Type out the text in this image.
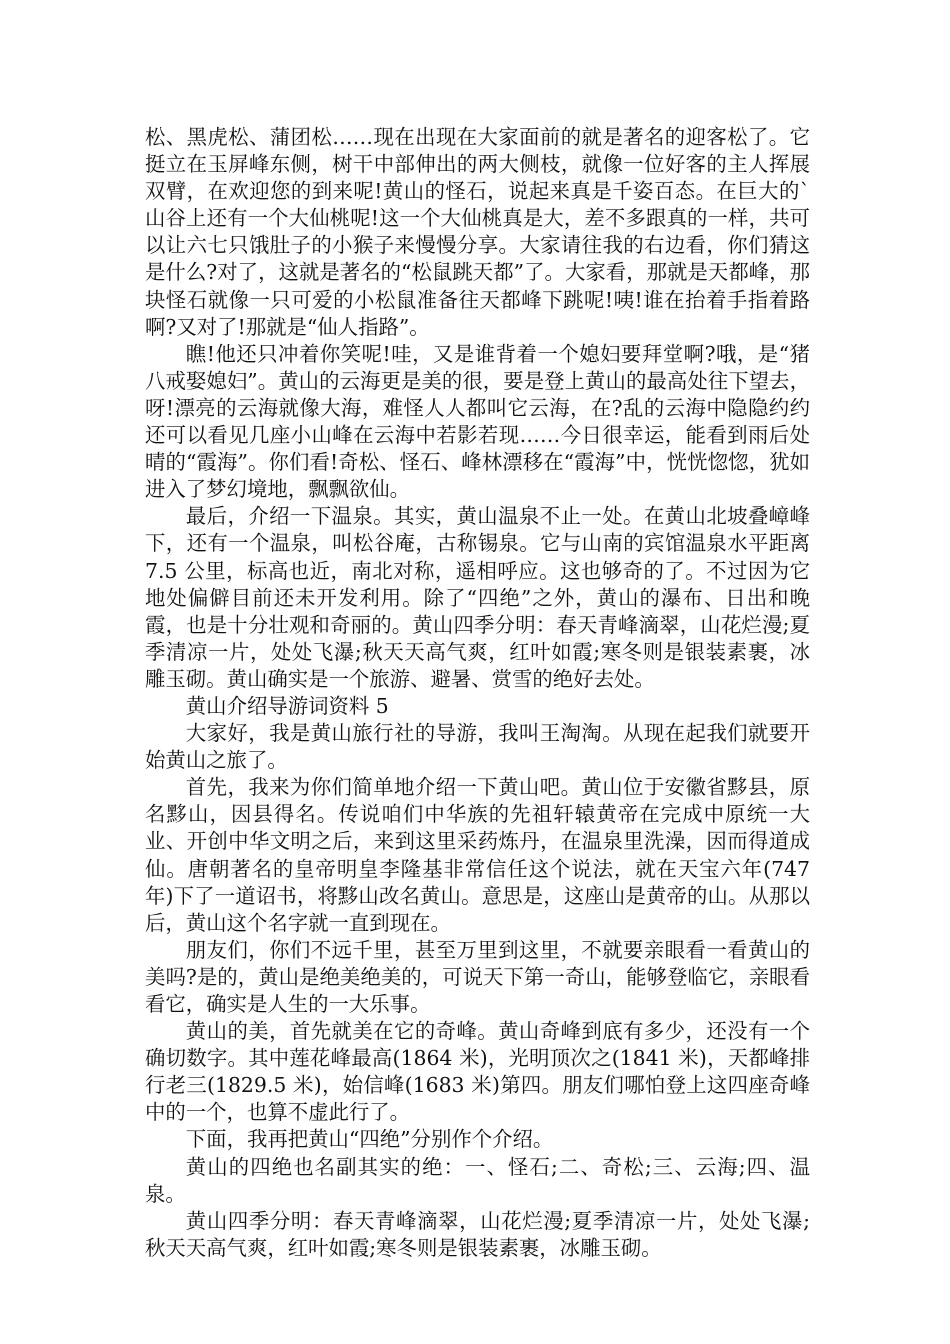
松、黑虎松、蒲团松……现在出现在大家面前的就是著名的迎客松了。它挺立在玉屏峰东侧，树干中部伸出的两大侧枝，就像一位好客的主人挥展双臂，在欢迎您的到来呢!黄山的怪石，说起来真是千姿百态。在巨大的`山谷上还有一个大仙桃呢!这一个大仙桃真是大，差不多跟真的一样，共可以让六七只饿肚子的小猴子来慢慢分享。大家请往我的右边看，你们猜这是什么?对了，这就是著名的“松鼠跳天都”了。大家看，那就是天都峰，那块怪石就像一只可爱的小松鼠准备往天都峰下跳呢!咦!谁在抬着手指着路啊?又对了!那就是“仙人指路”。

瞧!他还只冲着你笑呢!哇，又是谁背着一个媳妇要拜堂啊?哦，是“猪八戒娶媳妇”。黄山的云海更是美的很，要是登上黄山的最高处往下望去，呀!漂亮的云海就像大海，难怪人人都叫它云海，在?乱的云海中隐隐约约还可以看见几座小山峰在云海中若影若现……今日很幸运，能看到雨后处晴的“霞海”。你们看!奇松、怪石、峰林漂移在“霞海”中，恍恍惚惚，犹如进入了梦幻境地，飘飘欲仙。

最后，介绍一下温泉。其实，黄山温泉不止一处。在黄山北坡叠嶂峰下，还有一个温泉，叫松谷庵，古称锡泉。它与山南的宾馆温泉水平距离 7.5 公里，标高也近，南北对称，遥相呼应。这也够奇的了。不过因为它地处偏僻目前还未开发利用。除了“四绝”之外，黄山的瀑布、日出和晚霞，也是十分壮观和奇丽的。黄山四季分明：春天青峰滴翠，山花烂漫;夏季清凉一片，处处飞瀑;秋天天高气爽，红叶如霞;寒冬则是银装素裹，冰雕玉砌。黄山确实是一个旅游、避暑、赏雪的绝好去处。

黄山介绍导游词资料 5

大家好，我是黄山旅行社的导游，我叫王淘淘。从现在起我们就要开始黄山之旅了。

首先，我来为你们简单地介绍一下黄山吧。黄山位于安徽省黟县，原名黟山，因县得名。传说咱们中华族的先祖轩辕黄帝在完成中原统一大业、开创中华文明之后，来到这里采药炼丹，在温泉里洗澡，因而得道成仙。唐朝著名的皇帝明皇李隆基非常信任这个说法，就在天宝六年(747 年)下了一道诏书，将黟山改名黄山。意思是，这座山是黄帝的山。从那以后，黄山这个名字就一直到现在。

朋友们，你们不远千里，甚至万里到这里，不就要亲眼看一看黄山的美吗?是的，黄山是绝美绝美的，可说天下第一奇山，能够登临它，亲眼看看它，确实是人生的一大乐事。

黄山的美，首先就美在它的奇峰。黄山奇峰到底有多少，还没有一个确切数字。其中莲花峰最高(1864 米)，光明顶次之(1841 米)，天都峰排行老三(1829.5 米)，始信峰(1683 米)第四。朋友们哪怕登上这四座奇峰中的一个，也算不虚此行了。

下面，我再把黄山“四绝”分别作个介绍。

黄山的四绝也名副其实的绝：一、怪石;二、奇松;三、云海;四、温泉。

黄山四季分明：春天青峰滴翠，山花烂漫;夏季清凉一片，处处飞瀑;秋天天高气爽，红叶如霞;寒冬则是银装素裹，冰雕玉砌。
